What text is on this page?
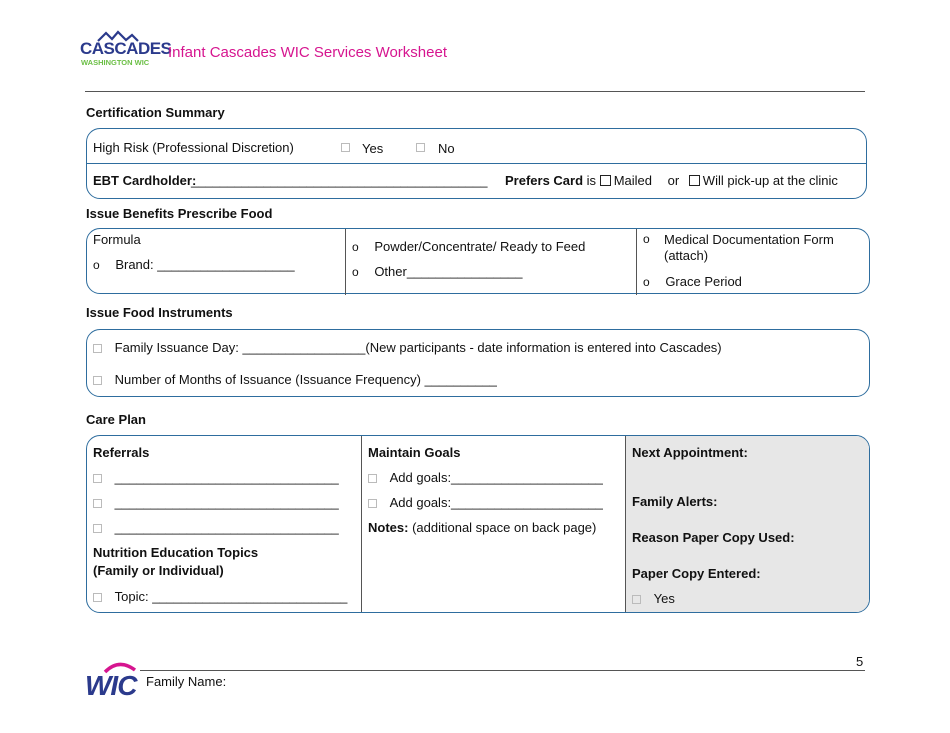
CASCADES
WASHINGTON WIC
Infant Cascades WIC Services Worksheet
Certification Summary
High Risk (Professional Discretion)	Yes	No
EBT Cardholder:
_________________________________________ Prefers Card is Mailed or Will pick-up at the clinic
Issue Benefits Prescribe Food
Formula
o Brand: ___________________
o Powder/Concentrate/ Ready to Feed
o Other________________
o Medical Documentation Form (attach)
o Grace Period
Issue Food Instruments
Family Issuance Day: _________________(New participants - date information is entered into Cascades)
Number of Months of Issuance (Issuance Frequency) __________
Care Plan
Referrals
_______________________________
_______________________________
_______________________________
Nutrition Education Topics
(Family or Individual)
Topic: ___________________________
Maintain Goals
Add goals:_____________________
Add goals:_____________________
Notes: (additional space on back page)
Next Appointment:
Family Alerts:
Reason Paper Copy Used:
Paper Copy Entered:
Yes
5
WIC Family Name:
